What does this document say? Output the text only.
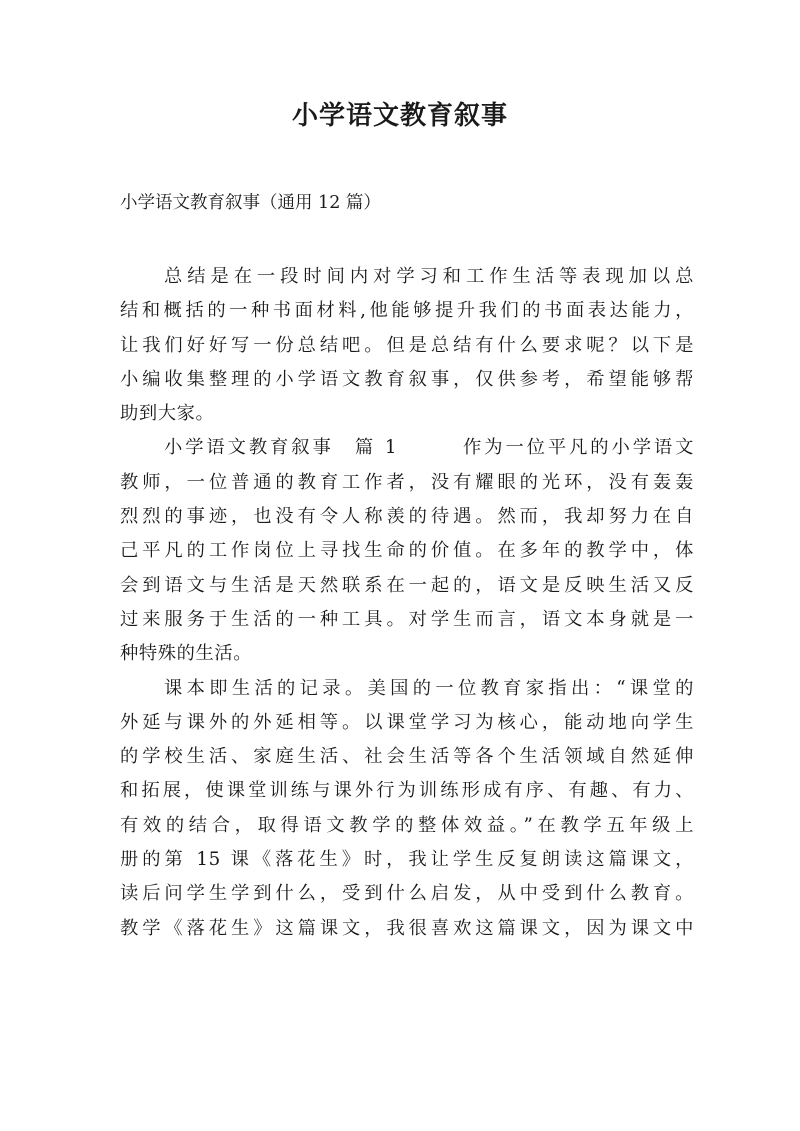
小学语文教育叙事
小学语文教育叙事（通用 12 篇）
总结是在一段时间内对学习和工作生活等表现加以总
结和概括的一种书面材料,他能够提升我们的书面表达能力，
让我们好好写一份总结吧。但是总结有什么要求呢？以下是
小编收集整理的小学语文教育叙事，仅供参考，希望能够帮
助到大家。
小学语文教育叙事　篇 1　　　作为一位平凡的小学语文
教师，一位普通的教育工作者，没有耀眼的光环，没有轰轰
烈烈的事迹，也没有令人称羡的待遇。然而，我却努力在自
己平凡的工作岗位上寻找生命的价值。在多年的教学中，体
会到语文与生活是天然联系在一起的，语文是反映生活又反
过来服务于生活的一种工具。对学生而言，语文本身就是一
种特殊的生活。
课本即生活的记录。美国的一位教育家指出：“课堂的
外延与课外的外延相等。以课堂学习为核心，能动地向学生
的学校生活、家庭生活、社会生活等各个生活领域自然延伸
和拓展，使课堂训练与课外行为训练形成有序、有趣、有力、
有效的结合，取得语文教学的整体效益。”在教学五年级上
册的第 15 课《落花生》时，我让学生反复朗读这篇课文，
读后问学生学到什么，受到什么启发，从中受到什么教育。
教学《落花生》这篇课文，我很喜欢这篇课文，因为课文中
